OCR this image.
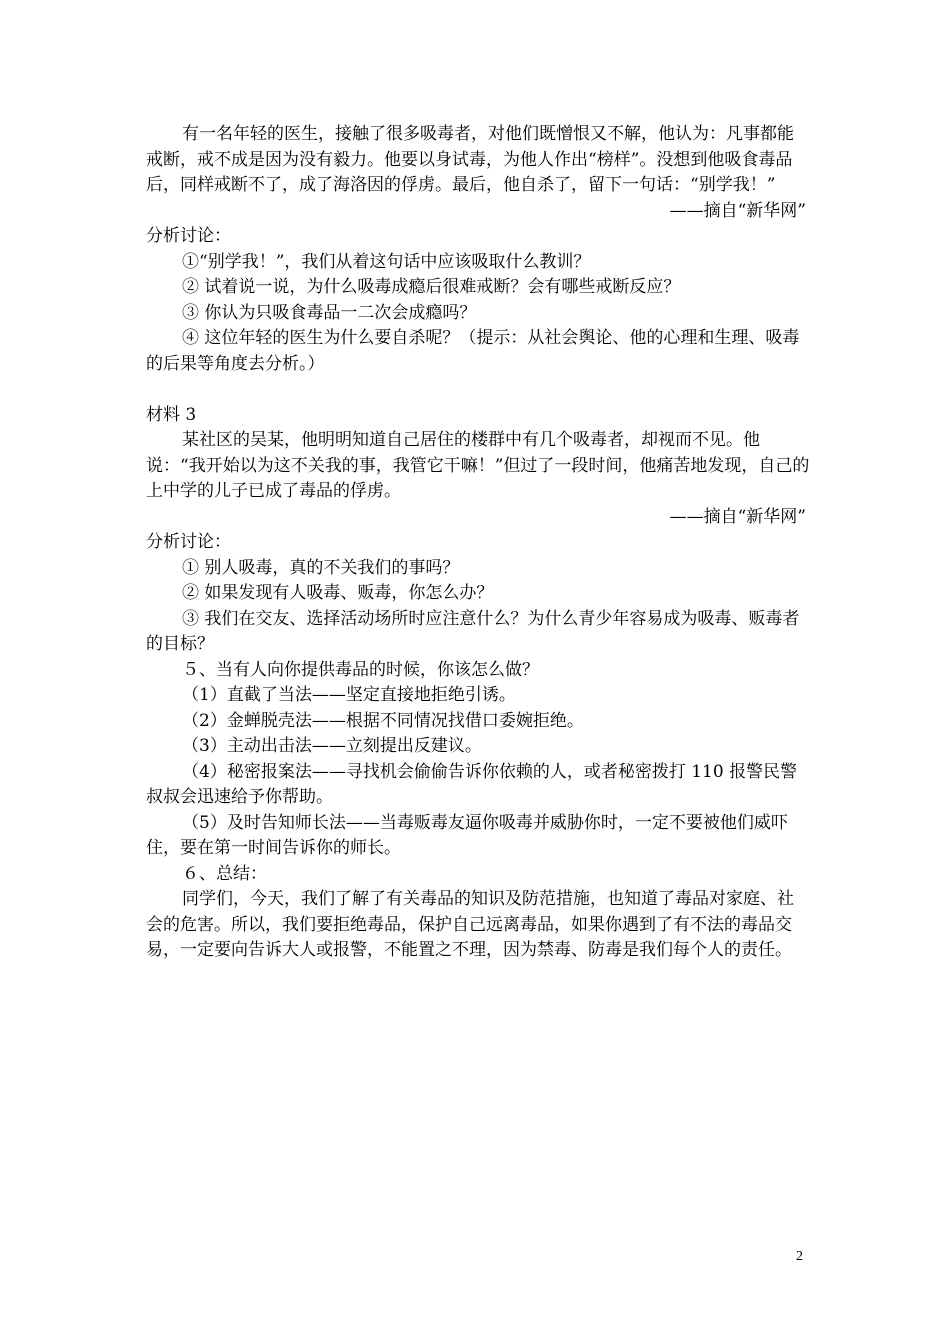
有一名年轻的医生，接触了很多吸毒者，对他们既憎恨又不解，他认为：凡事都能戒断，戒不成是因为没有毅力。他要以身试毒，为他人作出“榜样”。没想到他吸食毒品后，同样戒断不了，成了海洛因的俘虏。最后，他自杀了，留下一句话：“别学我！”

——摘自“新华网”

分析讨论：

①“别学我！”，我们从着这句话中应该吸取什么教训？

② 试着说一说，为什么吸毒成瘾后很难戒断？会有哪些戒断反应？

③ 你认为只吸食毒品一二次会成瘾吗？

④ 这位年轻的医生为什么要自杀呢？（提示：从社会舆论、他的心理和生理、吸毒的后果等角度去分析。）

材料 3

某社区的吴某，他明明知道自己居住的楼群中有几个吸毒者，却视而不见。他说：“我开始以为这不关我的事，我管它干嘛！”但过了一段时间，他痛苦地发现，自己的上中学的儿子已成了毒品的俘虏。

——摘自“新华网”

分析讨论：

① 别人吸毒，真的不关我们的事吗？

② 如果发现有人吸毒、贩毒，你怎么办？

③ 我们在交友、选择活动场所时应注意什么？为什么青少年容易成为吸毒、贩毒者的目标？

５、当有人向你提供毒品的时候，你该怎么做？

（1）直截了当法——坚定直接地拒绝引诱。

（2）金蝉脱壳法——根据不同情况找借口委婉拒绝。

（3）主动出击法——立刻提出反建议。

（4）秘密报案法——寻找机会偷偷告诉你依赖的人，或者秘密拨打 110 报警民警叔叔会迅速给予你帮助。

（5）及时告知师长法——当毒贩毒友逼你吸毒并威胁你时，一定不要被他们威吓住，要在第一时间告诉你的师长。

６、总结：

同学们，今天，我们了解了有关毒品的知识及防范措施，也知道了毒品对家庭、社会的危害。所以，我们要拒绝毒品，保护自己远离毒品，如果你遇到了有不法的毒品交易，一定要向告诉大人或报警，不能置之不理，因为禁毒、防毒是我们每个人的责任。

2
